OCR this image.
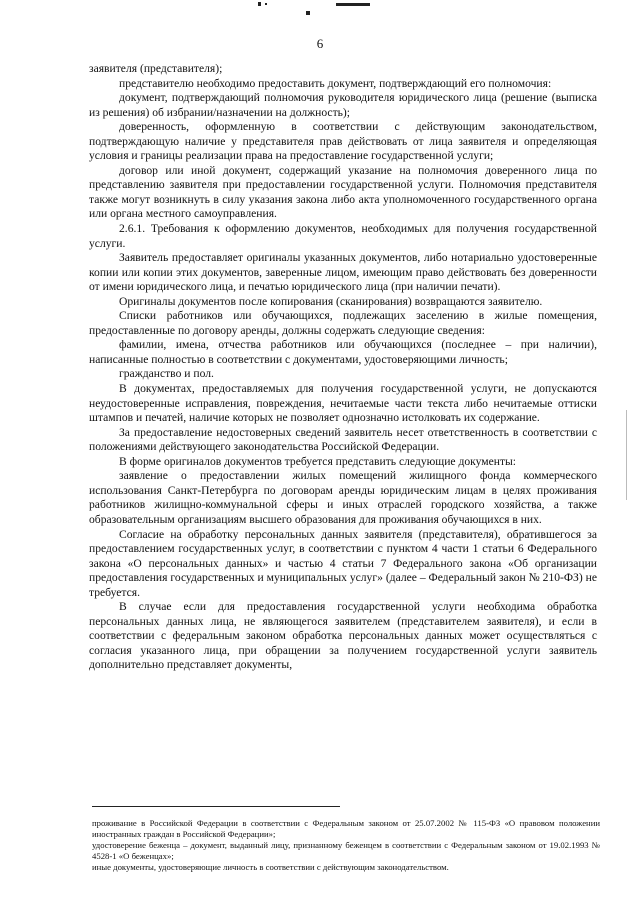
6

заявителя (представителя);

представителю необходимо предоставить документ, подтверждающий его полномочия:

документ, подтверждающий полномочия руководителя юридического лица (решение (выписка из решения) об избрании/назначении на должность);

доверенность, оформленную в соответствии с действующим законодательством, подтверждающую наличие у представителя прав действовать от лица заявителя и определяющая условия и границы реализации права на предоставление государственной услуги;

договор или иной документ, содержащий указание на полномочия доверенного лица по представлению заявителя при предоставлении государственной услуги. Полномочия представителя также могут возникнуть в силу указания закона либо акта уполномоченного государственного органа или органа местного самоуправления.

2.6.1. Требования к оформлению документов, необходимых для получения государственной услуги.

Заявитель предоставляет оригиналы указанных документов, либо нотариально удостоверенные копии или копии этих документов, заверенные лицом, имеющим право действовать без доверенности от имени юридического лица, и печатью юридического лица (при наличии печати).

Оригиналы документов после копирования (сканирования) возвращаются заявителю.

Списки работников или обучающихся, подлежащих заселению в жилые помещения, предоставленные по договору аренды, должны содержать следующие сведения:

фамилии, имена, отчества работников или обучающихся (последнее – при наличии), написанные полностью в соответствии с документами, удостоверяющими личность;

гражданство и пол.

В документах, предоставляемых для получения государственной услуги, не допускаются неудостоверенные исправления, повреждения, нечитаемые части текста либо нечитаемые оттиски штампов и печатей, наличие которых не позволяет однозначно истолковать их содержание.

За предоставление недостоверных сведений заявитель несет ответственность в соответствии с положениями действующего законодательства Российской Федерации.

В форме оригиналов документов требуется представить следующие документы:

заявление о предоставлении жилых помещений жилищного фонда коммерческого использования Санкт-Петербурга по договорам аренды юридическим лицам в целях проживания работников жилищно-коммунальной сферы и иных отраслей городского хозяйства, а также образовательным организациям высшего образования для проживания обучающихся в них.

Согласие на обработку персональных данных заявителя (представителя), обратившегося за предоставлением государственных услуг, в соответствии с пунктом 4 части 1 статьи 6 Федерального закона «О персональных данных» и частью 4 статьи 7 Федерального закона «Об организации предоставления государственных и муниципальных услуг» (далее – Федеральный закон № 210-ФЗ) не требуется.

В случае если для предоставления государственной услуги необходима обработка персональных данных лица, не являющегося заявителем (представителем заявителя), и если в соответствии с федеральным законом обработка персональных данных может осуществляться с согласия указанного лица, при обращении за получением государственной услуги заявитель дополнительно представляет документы,

проживание в Российской Федерации в соответствии с Федеральным законом от 25.07.2002 № 115-ФЗ «О правовом положении иностранных граждан в Российской Федерации»;

удостоверение беженца – документ, выданный лицу, признанному беженцем в соответствии с Федеральным законом от 19.02.1993 № 4528-1 «О беженцах»;

иные документы, удостоверяющие личность в соответствии с действующим законодательством.
